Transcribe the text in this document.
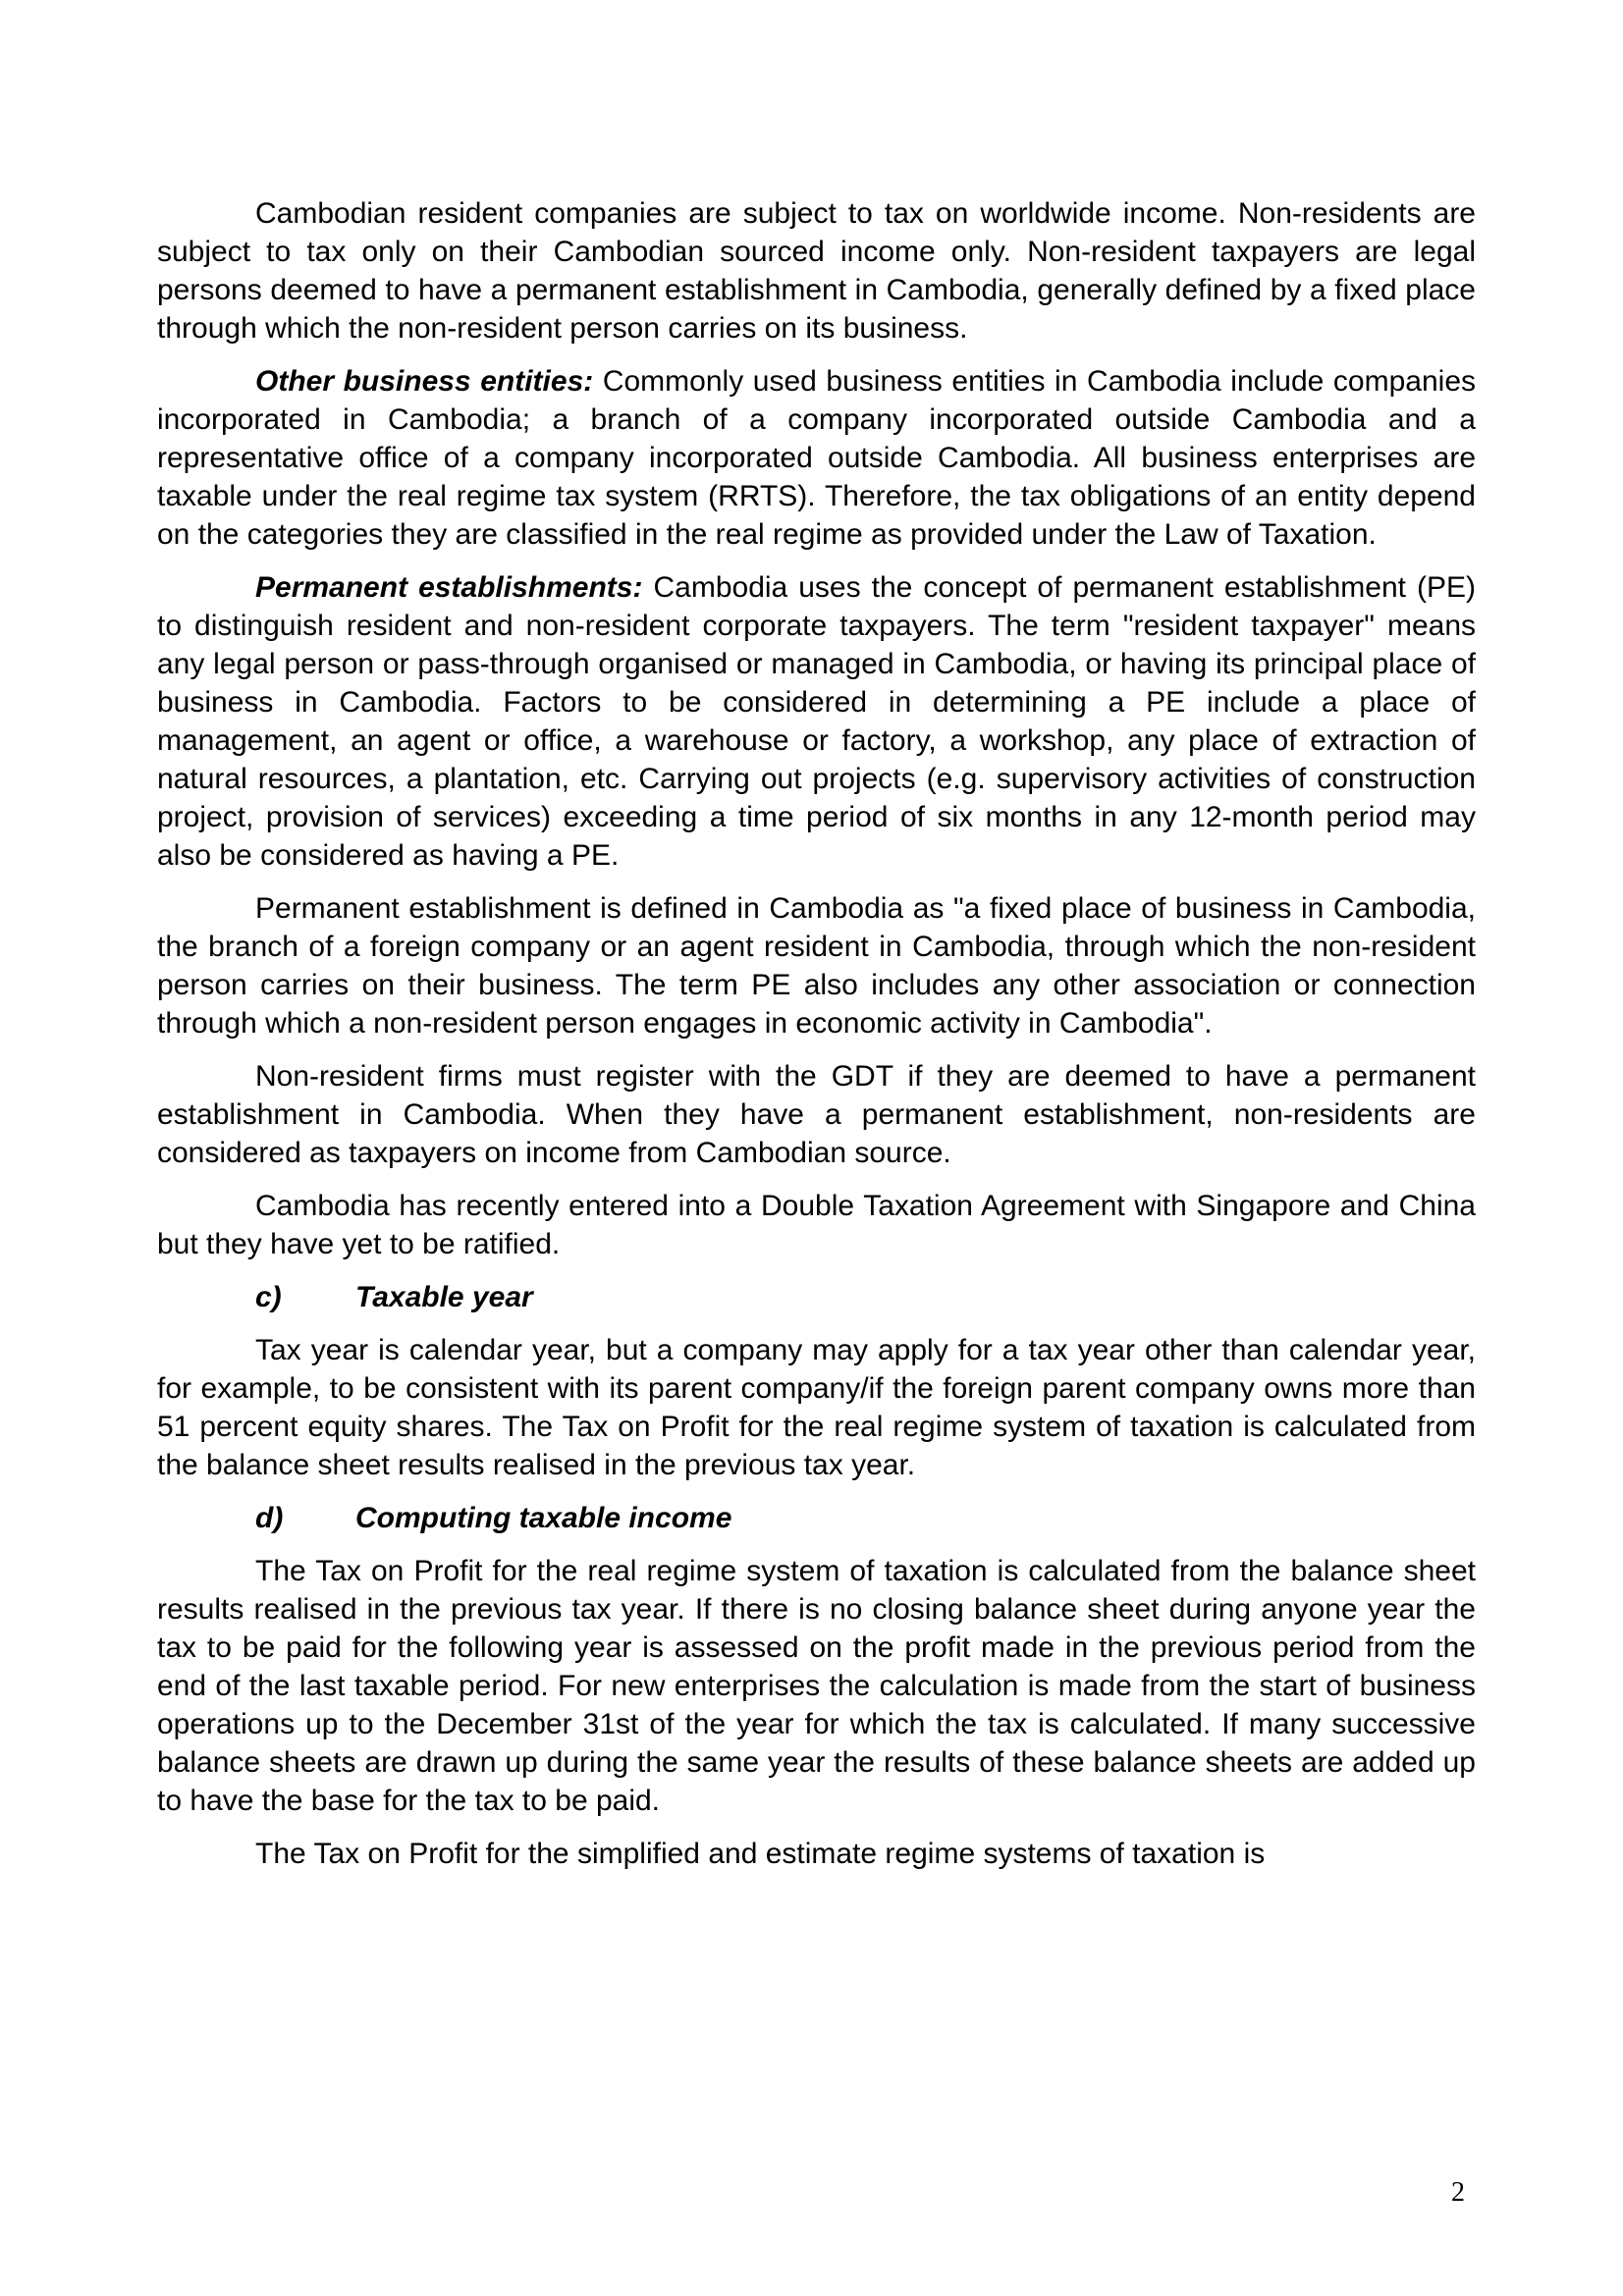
Cambodian resident companies are subject to tax on worldwide income. Non-residents are subject to tax only on their Cambodian sourced income only. Non-resident taxpayers are legal persons deemed to have a permanent establishment in Cambodia, generally defined by a fixed place through which the non-resident person carries on its business.

Other business entities: Commonly used business entities in Cambodia include companies incorporated in Cambodia; a branch of a company incorporated outside Cambodia and a representative office of a company incorporated outside Cambodia. All business enterprises are taxable under the real regime tax system (RRTS). Therefore, the tax obligations of an entity depend on the categories they are classified in the real regime as provided under the Law of Taxation.

Permanent establishments: Cambodia uses the concept of permanent establishment (PE) to distinguish resident and non-resident corporate taxpayers. The term "resident taxpayer" means any legal person or pass-through organised or managed in Cambodia, or having its principal place of business in Cambodia. Factors to be considered in determining a PE include a place of management, an agent or office, a warehouse or factory, a workshop, any place of extraction of natural resources, a plantation, etc. Carrying out projects (e.g. supervisory activities of construction project, provision of services) exceeding a time period of six months in any 12-month period may also be considered as having a PE.

Permanent establishment is defined in Cambodia as "a fixed place of business in Cambodia, the branch of a foreign company or an agent resident in Cambodia, through which the non-resident person carries on their business. The term PE also includes any other association or connection through which a non-resident person engages in economic activity in Cambodia".

Non-resident firms must register with the GDT if they are deemed to have a permanent establishment in Cambodia. When they have a permanent establishment, non-residents are considered as taxpayers on income from Cambodian source.

Cambodia has recently entered into a Double Taxation Agreement with Singapore and China but they have yet to be ratified.

c)	Taxable year

Tax year is calendar year, but a company may apply for a tax year other than calendar year, for example, to be consistent with its parent company/if the foreign parent company owns more than 51 percent equity shares. The Tax on Profit for the real regime system of taxation is calculated from the balance sheet results realised in the previous tax year.

d)	Computing taxable income

The Tax on Profit for the real regime system of taxation is calculated from the balance sheet results realised in the previous tax year. If there is no closing balance sheet during anyone year the tax to be paid for the following year is assessed on the profit made in the previous period from the end of the last taxable period. For new enterprises the calculation is made from the start of business operations up to the December 31st of the year for which the tax is calculated. If many successive balance sheets are drawn up during the same year the results of these balance sheets are added up to have the base for the tax to be paid.

The Tax on Profit for the simplified and estimate regime systems of taxation is

2
